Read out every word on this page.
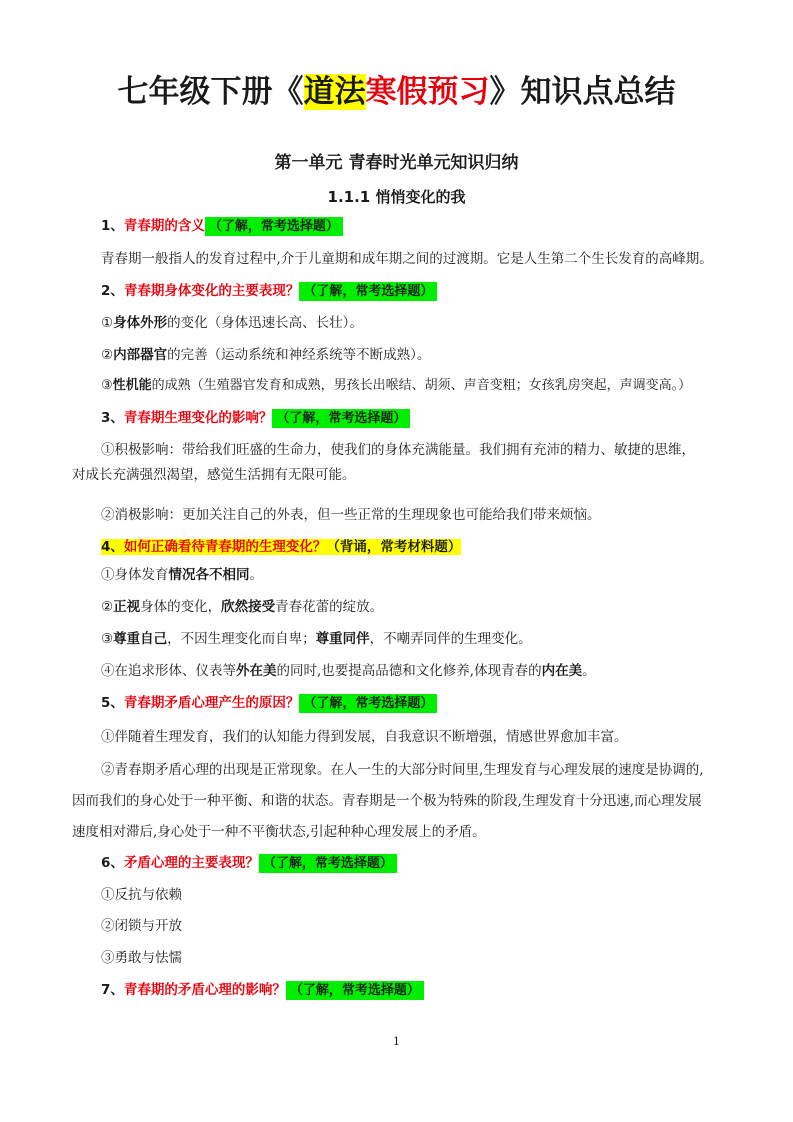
七年级下册《道法寒假预习》知识点总结
第一单元 青春时光单元知识归纳
1.1.1 悄悄变化的我
1、青春期的含义 （了解，常考选择题）
青春期一般指人的发育过程中,介于儿童期和成年期之间的过渡期。它是人生第二个生长发育的高峰期。
2、青春期身体变化的主要表现？ （了解，常考选择题）
①身体外形的变化（身体迅速长高、长壮）。
②内部器官的完善（运动系统和神经系统等不断成熟）。
③性机能的成熟（生殖器官发育和成熟，男孩长出喉结、胡须、声音变粗；女孩乳房突起，声调变高。）
3、青春期生理变化的影响？ （了解，常考选择题）
①积极影响：带给我们旺盛的生命力，使我们的身体充满能量。我们拥有充沛的精力、敏捷的思维，
对成长充满强烈渴望，感觉生活拥有无限可能。
②消极影响：更加关注自己的外表，但一些正常的生理现象也可能给我们带来烦恼。
4、如何正确看待青春期的生理变化？（背诵，常考材料题）
①身体发育情况各不相同。
②正视身体的变化，欣然接受青春花蕾的绽放。
③尊重自己，不因生理变化而自卑；尊重同伴，不嘲弄同伴的生理变化。
④在追求形体、仪表等外在美的同时,也要提高品德和文化修养,体现青春的内在美。
5、青春期矛盾心理产生的原因？ （了解，常考选择题）
①伴随着生理发育，我们的认知能力得到发展，自我意识不断增强，情感世界愈加丰富。
②青春期矛盾心理的出现是正常现象。在人一生的大部分时间里,生理发育与心理发展的速度是协调的,
因而我们的身心处于一种平衡、和谐的状态。青春期是一个极为特殊的阶段,生理发育十分迅速,而心理发展
速度相对滞后,身心处于一种不平衡状态,引起种种心理发展上的矛盾。
6、矛盾心理的主要表现？ （了解，常考选择题）
①反抗与依赖
②闭锁与开放
③勇敢与怯懦
7、青春期的矛盾心理的影响？ （了解，常考选择题）
1
